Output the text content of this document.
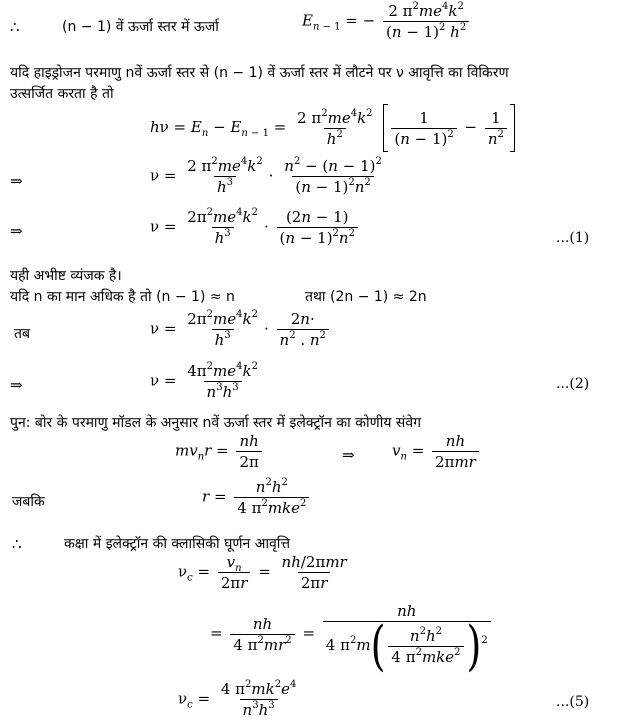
∴	(n − 1) वें ऊर्जा स्तर में ऊर्जा	$E_{n - 1}$ = − $\frac{2 \pi^2me^4k^2}{(n - 1)^2 h^2}$
यदि हाइड्रोजन परमाणु nवें ऊर्जा स्तर से (n − 1) वें ऊर्जा स्तर में लौटने पर ν आवृत्ति का विकिरण
उत्सर्जित करता है तो
$h\nu = E_n - E_{n - 1} = \frac{2 \pi^2me^4k^2}{h^2}$
$\frac{1}{(n - 1)^2} - \frac{1}{n^2}$
⇒	$\nu = \frac{2 \pi^2me^4k^2}{h^3} \cdot \frac{n^2 - (n - 1)^2}{(n - 1)^2n^2}$
⇒	$\nu = \frac{2\pi^2me^4k^2}{h^3} \cdot \frac{(2n - 1)}{(n - 1)^2n^2}$	...(1)
यही अभीष्ट व्यंजक है।
यदि n का मान अधिक है तो (n − 1) ≈ n	तथा (2n − 1) ≈ 2n
तब	$\nu = \frac{2\pi^2me^4k^2}{h^3} \cdot \frac{2n\cdot}{n^2 . n^2}$
⇒	$\nu = \frac{4\pi^2me^4k^2}{n^3h^3}$	...(2)
पुन: बोर के परमाणु मॉडल के अनुसार nवें ऊर्जा स्तर में इलेक्ट्रॉन का कोणीय संवेग
$mv_nr = \frac{nh}{2\pi}$	⇒ $v_n = \frac{nh}{\text{2πmr}}$
जबकि	$r = \frac{n^2h^2}{4 \pi^2mke^2}$
∴	कक्षा में इलेक्ट्रॉन की क्लासिकी घूर्णन आवृत्ति
$\nu_c = \frac{v_n}{2\pi r} = \frac{\text{nh/2πmr}}{2\pi r}$
= $\frac{nh}{4 \pi^2mr^2} = \frac{nh}{4 \pi^2m( \frac{n^2h^2}{4 \pi^2mke^2} )^2}$
$\nu_c = \frac{4 \pi^2mk^2e^4}{n^3h^3}$	...(5)
